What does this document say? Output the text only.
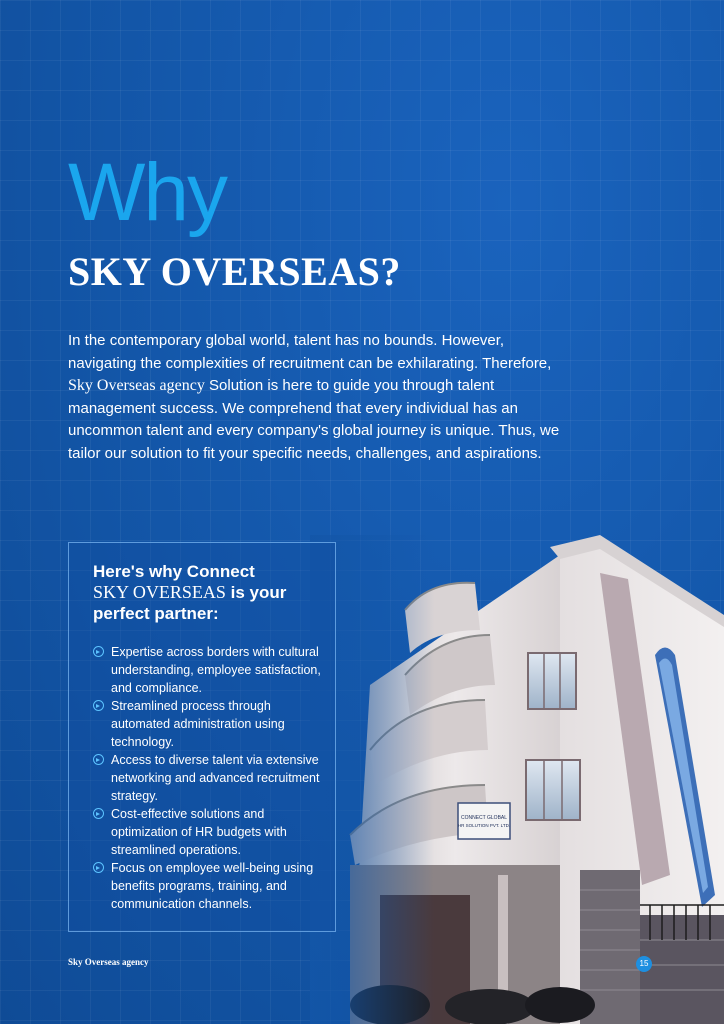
Why
SKY OVERSEAS?
In the contemporary global world, talent has no bounds. However, navigating the complexities of recruitment can be exhilarating. Therefore, Sky Overseas agency Solution is here to guide you through talent management success. We comprehend that every individual has an uncommon talent and every company's global journey is unique. Thus, we tailor our solution to fit your specific needs, challenges, and aspirations.
Here's why Connect
SKY OVERSEAS is your perfect partner:
Expertise across borders with cultural understanding, employee satisfaction, and compliance.
Streamlined process through automated administration using technology.
Access to diverse talent via extensive networking and advanced recruitment strategy.
Cost-effective solutions and optimization of HR budgets with streamlined operations.
Focus on employee well-being using benefits programs, training, and communication channels.
Sky Overseas agency	15
